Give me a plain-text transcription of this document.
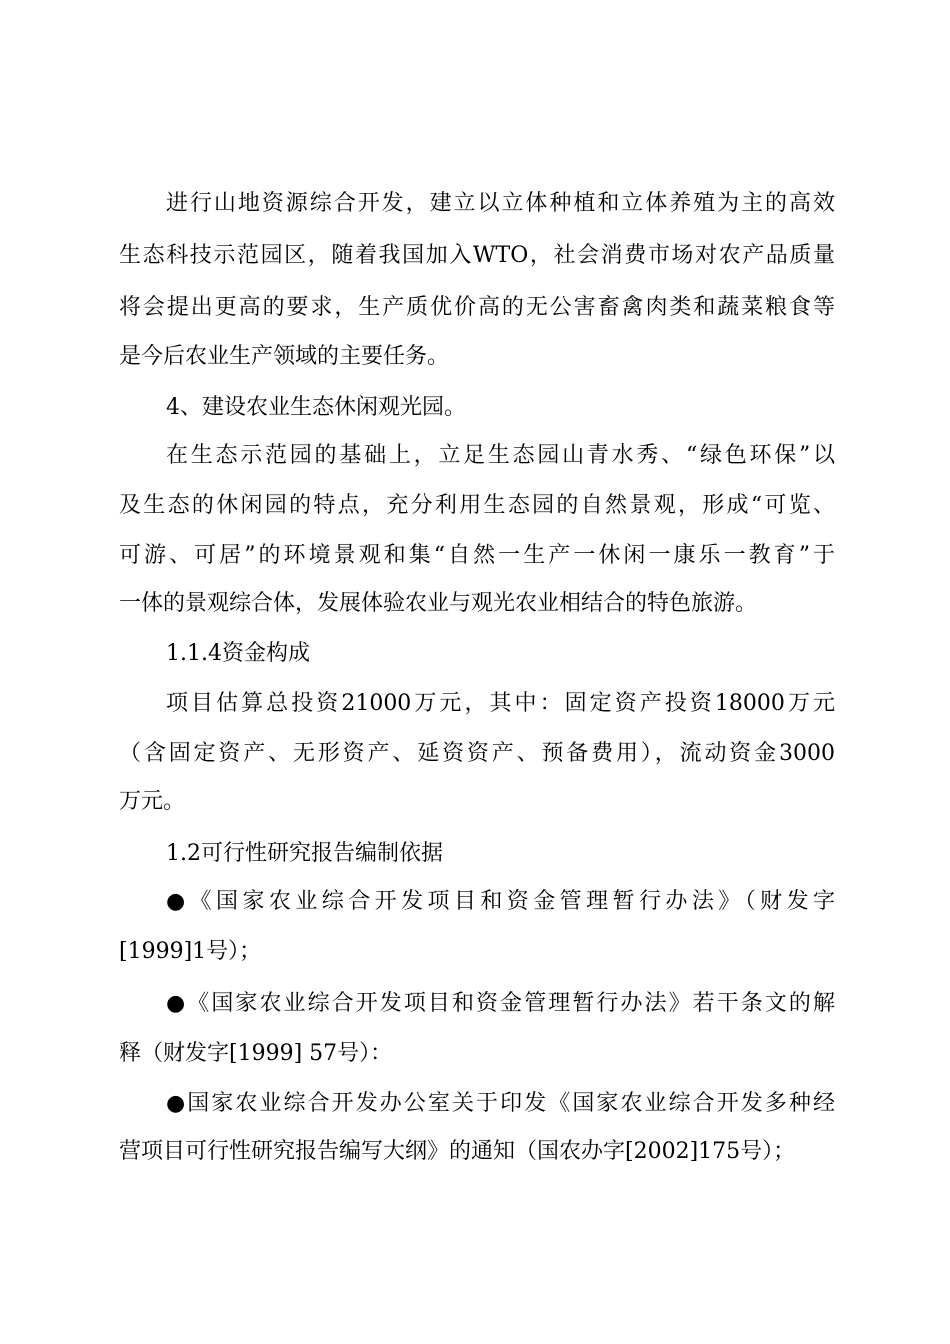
进行山地资源综合开发，建立以立体种植和立体养殖为主的高效
生态科技示范园区，随着我国加入WTO，社会消费市场对农产品质量
将会提出更高的要求，生产质优价高的无公害畜禽肉类和蔬菜粮食等
是今后农业生产领域的主要任务。
4、建设农业生态休闲观光园。
在生态示范园的基础上，立足生态园山青水秀、“绿色环保”以
及生态的休闲园的特点，充分利用生态园的自然景观，形成“可览、
可游、可居”的环境景观和集“自然一生产一休闲一康乐一教育”于
一体的景观综合体，发展体验农业与观光农业相结合的特色旅游。
1.1.4资金构成
项目估算总投资21000万元，其中：固定资产投资18000万元
（含固定资产、无形资产、延资资产、预备费用），流动资金3000
万元。
1.2可行性研究报告编制依据
●《国家农业综合开发项目和资金管理暂行办法》（财发字
[1999]1号）；
●《国家农业综合开发项目和资金管理暂行办法》若干条文的解
释（财发字[1999] 57号）：
●国家农业综合开发办公室关于印发《国家农业综合开发多种经
营项目可行性研究报告编写大纲》的通知（国农办字[2002]175号）；
